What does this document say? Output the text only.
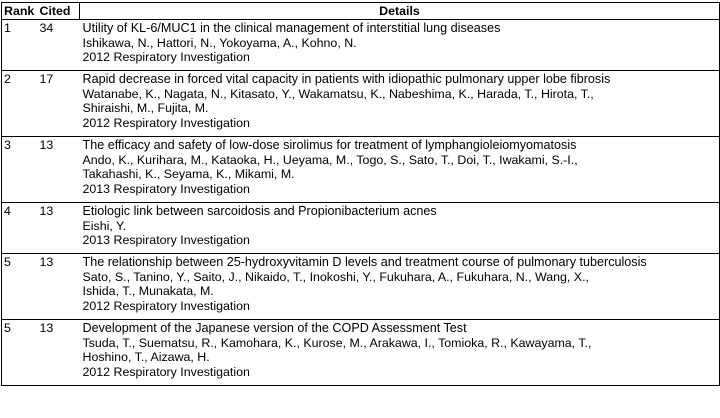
Rank	Cited	Details
1	34	Utility of KL-6/MUC1 in the clinical management of interstitial lung diseases
Ishikawa, N., Hattori, N., Yokoyama, A., Kohno, N.
2012 Respiratory Investigation

2	17	Rapid decrease in forced vital capacity in patients with idiopathic pulmonary upper lobe fibrosis
Watanabe, K., Nagata, N., Kitasato, Y., Wakamatsu, K., Nabeshima, K., Harada, T., Hirota, T.,
Shiraishi, M., Fujita, M.
2012 Respiratory Investigation

3	13	The efficacy and safety of low-dose sirolimus for treatment of lymphangioleiomyomatosis
Ando, K., Kurihara, M., Kataoka, H., Ueyama, M., Togo, S., Sato, T., Doi, T., Iwakami, S.-I.,
Takahashi, K., Seyama, K., Mikami, M.
2013 Respiratory Investigation

4	13	Etiologic link between sarcoidosis and Propionibacterium acnes
Eishi, Y.
2013 Respiratory Investigation

5	13	The relationship between 25-hydroxyvitamin D levels and treatment course of pulmonary tuberculosis
Sato, S., Tanino, Y., Saito, J., Nikaido, T., Inokoshi, Y., Fukuhara, A., Fukuhara, N., Wang, X.,
Ishida, T., Munakata, M.
2012 Respiratory Investigation

5	13	Development of the Japanese version of the COPD Assessment Test
Tsuda, T., Suematsu, R., Kamohara, K., Kurose, M., Arakawa, I., Tomioka, R., Kawayama, T.,
Hoshino, T., Aizawa, H.
2012 Respiratory Investigation
